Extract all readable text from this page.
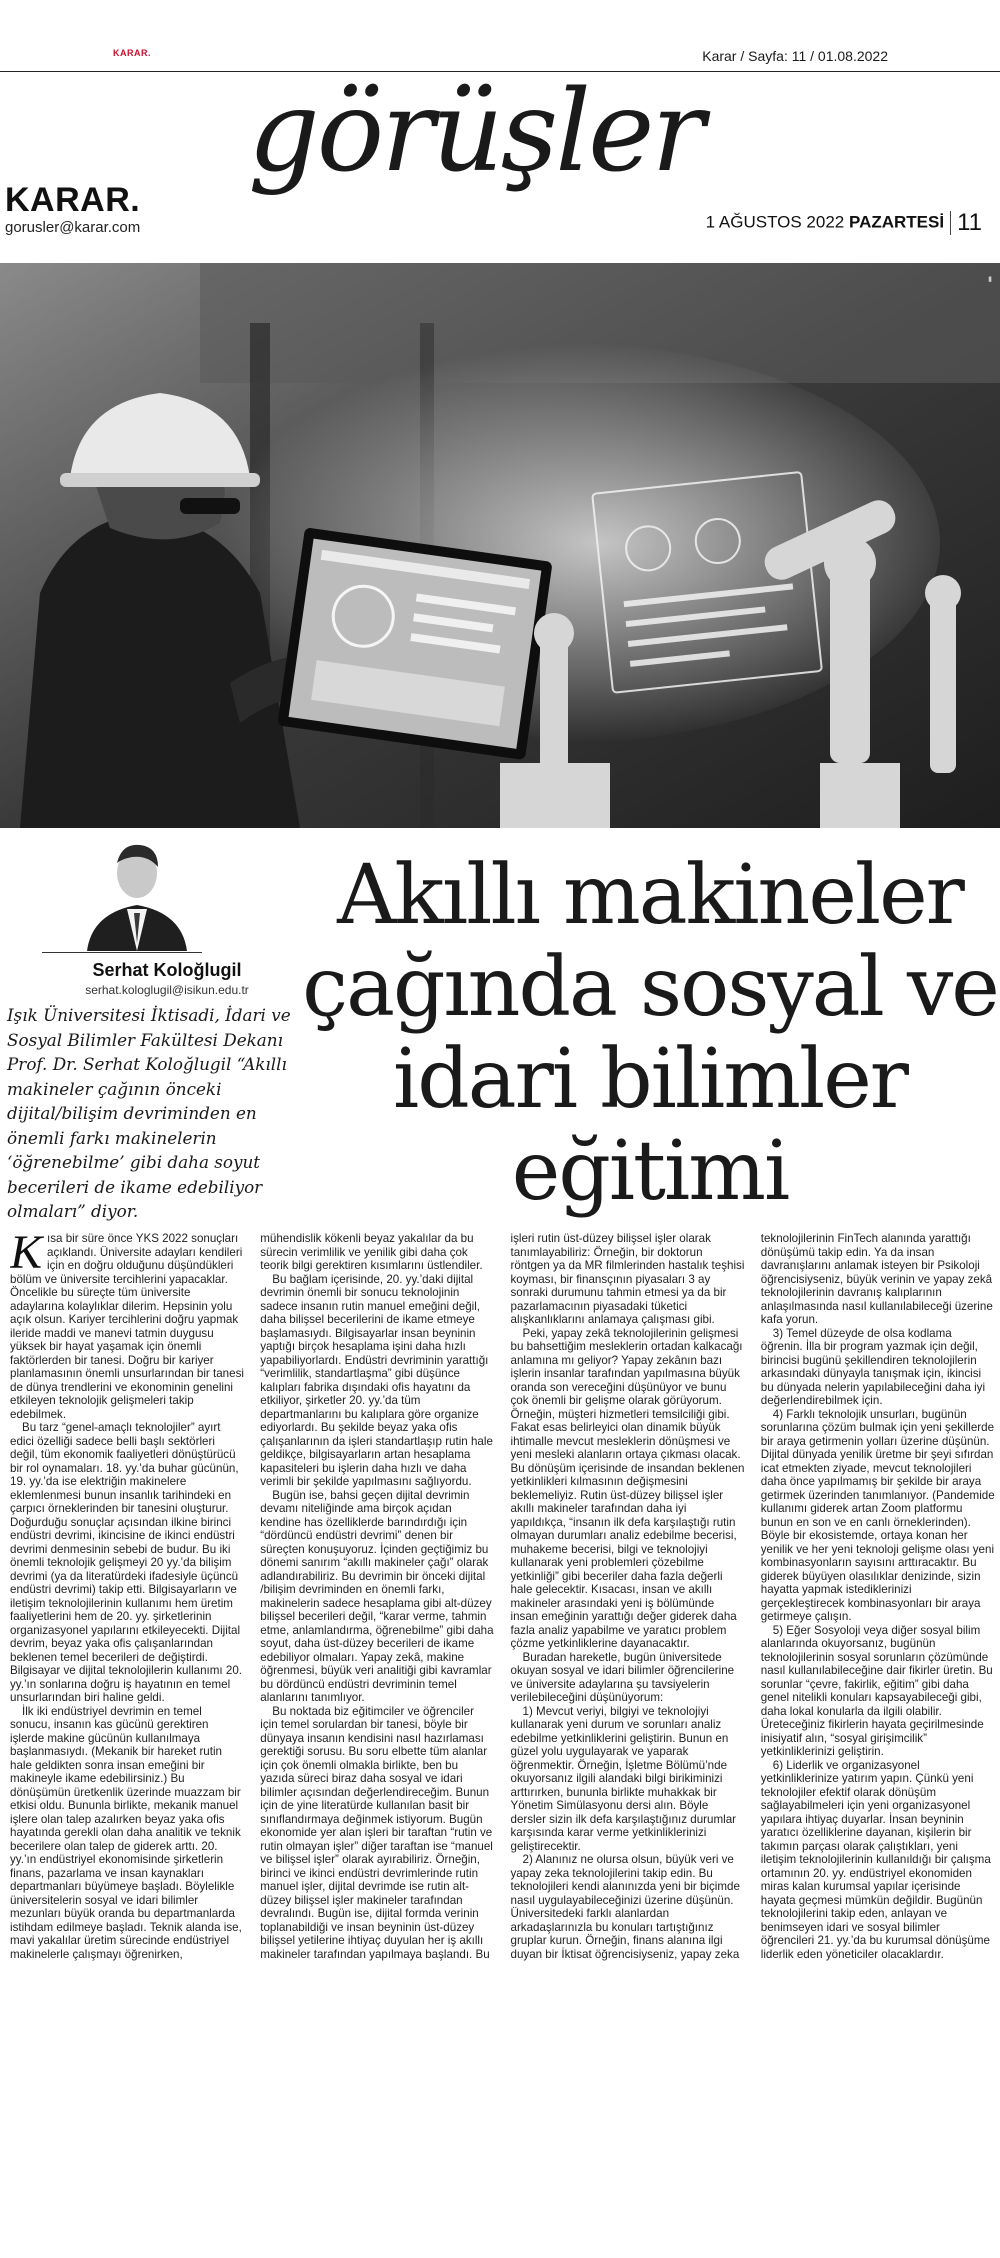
KARAR.	Karar / Sayfa: 11 / 01.08.2022
KARAR.
gorusler@karar.com
görüşler
1 AĞUSTOS 2022 PAZARTESİ 11
▮
Serhat Koloğlugil
serhat.kologlugil@isikun.edu.tr
Akıllı makineler çağında sosyal ve idari bilimler eğitimi
Işık Üniversitesi İktisadi, İdari ve Sosyal Bilimler Fakültesi Dekanı Prof. Dr. Serhat Koloğlugil “Akıllı makineler çağının önceki dijital/bilişim devriminden en önemli farkı makinelerin ‘öğrenebilme’ gibi daha soyut becerileri de ikame edebiliyor olmaları” diyor.

Kısa bir süre önce YKS 2022 sonuçları açıklandı. Üniversite adayları kendileri için en doğru olduğunu düşündükleri bölüm ve üniversite tercihlerini yapacaklar. Öncelikle bu süreçte tüm üniversite adaylarına kolaylıklar dilerim. Hepsinin yolu açık olsun. Kariyer tercihlerini doğru yapmak ileride maddi ve manevi tatmin duygusu yüksek bir hayat yaşamak için önemli faktörlerden bir tanesi. Doğru bir kariyer planlamasının önemli unsurlarından bir tanesi de dünya trendlerini ve ekonominin genelini etkileyen teknolojik gelişmeleri takip edebilmek.

Bu tarz “genel-amaçlı teknolojiler” ayırt edici özelliği sadece belli başlı sektörleri değil, tüm ekonomik faaliyetleri dönüştürücü bir rol oynamaları. 18. yy.’da buhar gücünün, 19. yy.’da ise elektriğin makinelere eklemlenmesi bunun insanlık tarihindeki en çarpıcı örneklerinden bir tanesini oluşturur. Doğurduğu sonuçlar açısından ilkine birinci endüstri devrimi, ikincisine de ikinci endüstri devrimi denmesinin sebebi de budur. Bu iki önemli teknolojik gelişmeyi 20 yy.’da bilişim devrimi (ya da literatürdeki ifadesiyle üçüncü endüstri devrimi) takip etti. Bilgisayarların ve iletişim teknolojilerinin kullanımı hem üretim faaliyetlerini hem de 20. yy. şirketlerinin organizasyonel yapılarını etkileyecekti. Dijital devrim, beyaz yaka ofis çalışanlarından beklenen temel becerileri de değiştirdi. Bilgisayar ve dijital teknolojilerin kullanımı 20. yy.’ın sonlarına doğru iş hayatının en temel unsurlarından biri haline geldi.

İlk iki endüstriyel devrimin en temel sonucu, insanın kas gücünü gerektiren işlerde makine gücünün kullanılmaya başlanmasıydı. (Mekanik bir hareket rutin hale geldikten sonra insan emeğini bir makineyle ikame edebilirsiniz.) Bu dönüşümün üretkenlik üzerinde muazzam bir etkisi oldu. Bununla birlikte, mekanik manuel işlere olan talep azalırken beyaz yaka ofis hayatında gerekli olan daha analitik ve teknik becerilere olan talep de giderek arttı. 20. yy.’ın endüstriyel ekonomisinde şirketlerin finans, pazarlama ve insan kaynakları departmanları büyümeye başladı. Böylelikle üniversitelerin sosyal ve idari bilimler mezunları büyük oranda bu departmanlarda istihdam edilmeye başladı. Teknik alanda ise, mavi yakalılar üretim sürecinde endüstriyel makinelerle çalışmayı öğrenirken, mühendislik kökenli beyaz yakalılar da bu sürecin verimlilik ve yenilik gibi daha çok teorik bilgi gerektiren kısımlarını üstlendiler.

Bu bağlam içerisinde, 20. yy.’daki dijital devrimin önemli bir sonucu teknolojinin sadece insanın rutin manuel emeğini değil, daha bilişsel becerilerini de ikame etmeye başlamasıydı. Bilgisayarlar insan beyninin yaptığı birçok hesaplama işini daha hızlı yapabiliyorlardı. Endüstri devriminin yarattığı “verimlilik, standartlaşma” gibi düşünce kalıpları fabrika dışındaki ofis hayatını da etkiliyor, şirketler 20. yy.’da tüm departmanlarını bu kalıplara göre organize ediyorlardı. Bu şekilde beyaz yaka ofis çalışanlarının da işleri standartlaşıp rutin hale geldikçe, bilgisayarların artan hesaplama kapasiteleri bu işlerin daha hızlı ve daha verimli bir şekilde yapılmasını sağlıyordu.

Bugün ise, bahsi geçen dijital devrimin devamı niteliğinde ama birçok açıdan kendine has özelliklerde barındırdığı için “dördüncü endüstri devrimi” denen bir süreçten konuşuyoruz. İçinden geçtiğimiz bu dönemi sanırım “akıllı makineler çağı” olarak adlandırabiliriz. Bu devrimin bir önceki dijital /bilişim devriminden en önemli farkı, makinelerin sadece hesaplama gibi alt-düzey bilişsel becerileri değil, “karar verme, tahmin etme, anlamlandırma, öğrenebilme” gibi daha soyut, daha üst-düzey becerileri de ikame edebiliyor olmaları. Yapay zekâ, makine öğrenmesi, büyük veri analitiği gibi kavramlar bu dördüncü endüstri devriminin temel alanlarını tanımlıyor.

Bu noktada biz eğitimciler ve öğrenciler için temel sorulardan bir tanesi, böyle bir dünyaya insanın kendisini nasıl hazırlaması gerektiği sorusu. Bu soru elbette tüm alanlar için çok önemli olmakla birlikte, ben bu yazıda süreci biraz daha sosyal ve idari bilimler açısından değerlendireceğim. Bunun için de yine literatürde kullanılan basit bir sınıflandırmaya değinmek istiyorum. Bugün ekonomide yer alan işleri bir taraftan “rutin ve rutin olmayan işler” diğer taraftan ise “manuel ve bilişsel işler” olarak ayırabiliriz. Örneğin, birinci ve ikinci endüstri devrimlerinde rutin manuel işler, dijital devrimde ise rutin alt-düzey bilişsel işler makineler tarafından devralındı. Bugün ise, dijital formda verinin toplanabildiği ve insan beyninin üst-düzey bilişsel yetilerine ihtiyaç duyulan her iş akıllı makineler tarafından yapılmaya başlandı. Bu işleri rutin üst-düzey bilişsel işler olarak tanımlayabiliriz: Örneğin, bir doktorun röntgen ya da MR filmlerinden hastalık teşhisi koyması, bir finansçının piyasaları 3 ay sonraki durumunu tahmin etmesi ya da bir pazarlamacının piyasadaki tüketici alışkanlıklarını anlamaya çalışması gibi.

Peki, yapay zekâ teknolojilerinin gelişmesi bu bahsettiğim mesleklerin ortadan kalkacağı anlamına mı geliyor? Yapay zekânın bazı işlerin insanlar tarafından yapılmasına büyük oranda son vereceğini düşünüyor ve bunu çok önemli bir gelişme olarak görüyorum. Örneğin, müşteri hizmetleri temsilciliği gibi. Fakat esas belirleyici olan dinamik büyük ihtimalle mevcut mesleklerin dönüşmesi ve yeni mesleki alanların ortaya çıkması olacak. Bu dönüşüm içerisinde de insandan beklenen yetkinlikleri kılmasının değişmesini beklemeliyiz. Rutin üst-düzey bilişsel işler akıllı makineler tarafından daha iyi yapıldıkça, “insanın ilk defa karşılaştığı rutin olmayan durumları analiz edebilme becerisi, muhakeme becerisi, bilgi ve teknolojiyi kullanarak yeni problemleri çözebilme yetkinliği” gibi beceriler daha fazla değerli hale gelecektir. Kısacası, insan ve akıllı makineler arasındaki yeni iş bölümünde insan emeğinin yarattığı değer giderek daha fazla analiz yapabilme ve yaratıcı problem çözme yetkinliklerine dayanacaktır.

Buradan hareketle, bugün üniversitede okuyan sosyal ve idari bilimler öğrencilerine ve üniversite adaylarına şu tavsiyelerin verilebileceğini düşünüyorum:

1) Mevcut veriyi, bilgiyi ve teknolojiyi kullanarak yeni durum ve sorunları analiz edebilme yetkinliklerini geliştirin. Bunun en güzel yolu uygulayarak ve yaparak öğrenmektir. Örneğin, İşletme Bölümü’nde okuyorsanız ilgili alandaki bilgi birikiminizi arttırırken, bununla birlikte muhakkak bir Yönetim Simülasyonu dersi alın. Böyle dersler sizin ilk defa karşılaştığınız durumlar karşısında karar verme yetkinliklerinizi geliştirecektir.

2) Alanınız ne olursa olsun, büyük veri ve yapay zeka teknolojilerini takip edin. Bu teknolojileri kendi alanınızda yeni bir biçimde nasıl uygulayabileceğinizi üzerine düşünün. Üniversitedeki farklı alanlardan arkadaşlarınızla bu konuları tartıştığınız gruplar kurun. Örneğin, finans alanına ilgi duyan bir İktisat öğrencisiyseniz, yapay zeka teknolojilerinin FinTech alanında yarattığı dönüşümü takip edin. Ya da insan davranışlarını anlamak isteyen bir Psikoloji öğrencisiyseniz, büyük verinin ve yapay zekâ teknolojilerinin davranış kalıplarının anlaşılmasında nasıl kullanılabileceği üzerine kafa yorun.

3) Temel düzeyde de olsa kodlama öğrenin. İlla bir program yazmak için değil, birincisi bugünü şekillendiren teknolojilerin arkasındaki dünyayla tanışmak için, ikincisi bu dünyada nelerin yapılabileceğini daha iyi değerlendirebilmek için.

4) Farklı teknolojik unsurları, bugünün sorunlarına çözüm bulmak için yeni şekillerde bir araya getirmenin yolları üzerine düşünün. Dijital dünyada yenilik üretme bir şeyi sıfırdan icat etmekten ziyade, mevcut teknolojileri daha önce yapılmamış bir şekilde bir araya getirmek üzerinden tanımlanıyor. (Pandemide kullanımı giderek artan Zoom platformu bunun en son ve en canlı örneklerinden). Böyle bir ekosistemde, ortaya konan her yenilik ve her yeni teknoloji gelişme olası yeni kombinasyonların sayısını arttıracaktır. Bu giderek büyüyen olasılıklar denizinde, sizin hayatta yapmak istediklerinizi gerçekleştirecek kombinasyonları bir araya getirmeye çalışın.

5) Eğer Sosyoloji veya diğer sosyal bilim alanlarında okuyorsanız, bugünün teknolojilerinin sosyal sorunların çözümünde nasıl kullanılabileceğine dair fikirler üretin. Bu sorunlar “çevre, fakirlik, eğitim” gibi daha genel nitelikli konuları kapsayabileceği gibi, daha lokal konularla da ilgili olabilir. Üreteceğiniz fikirlerin hayata geçirilmesinde inisiyatif alın, “sosyal girişimcilik” yetkinliklerinizi geliştirin.

6) Liderlik ve organizasyonel yetkinliklerinize yatırım yapın. Çünkü yeni teknolojiler efektif olarak dönüşüm sağlayabilmeleri için yeni organizasyonel yapılara ihtiyaç duyarlar. İnsan beyninin yaratıcı özelliklerine dayanan, kişilerin bir takımın parçası olarak çalıştıkları, yeni iletişim teknolojilerinin kullanıldığı bir çalışma ortamının 20. yy. endüstriyel ekonomiden miras kalan kurumsal yapılar içerisinde hayata geçmesi mümkün değildir. Bugünün teknolojilerini takip eden, anlayan ve benimseyen idari ve sosyal bilimler öğrencileri 21. yy.’da bu kurumsal dönüşüme liderlik eden yöneticiler olacaklardır.
